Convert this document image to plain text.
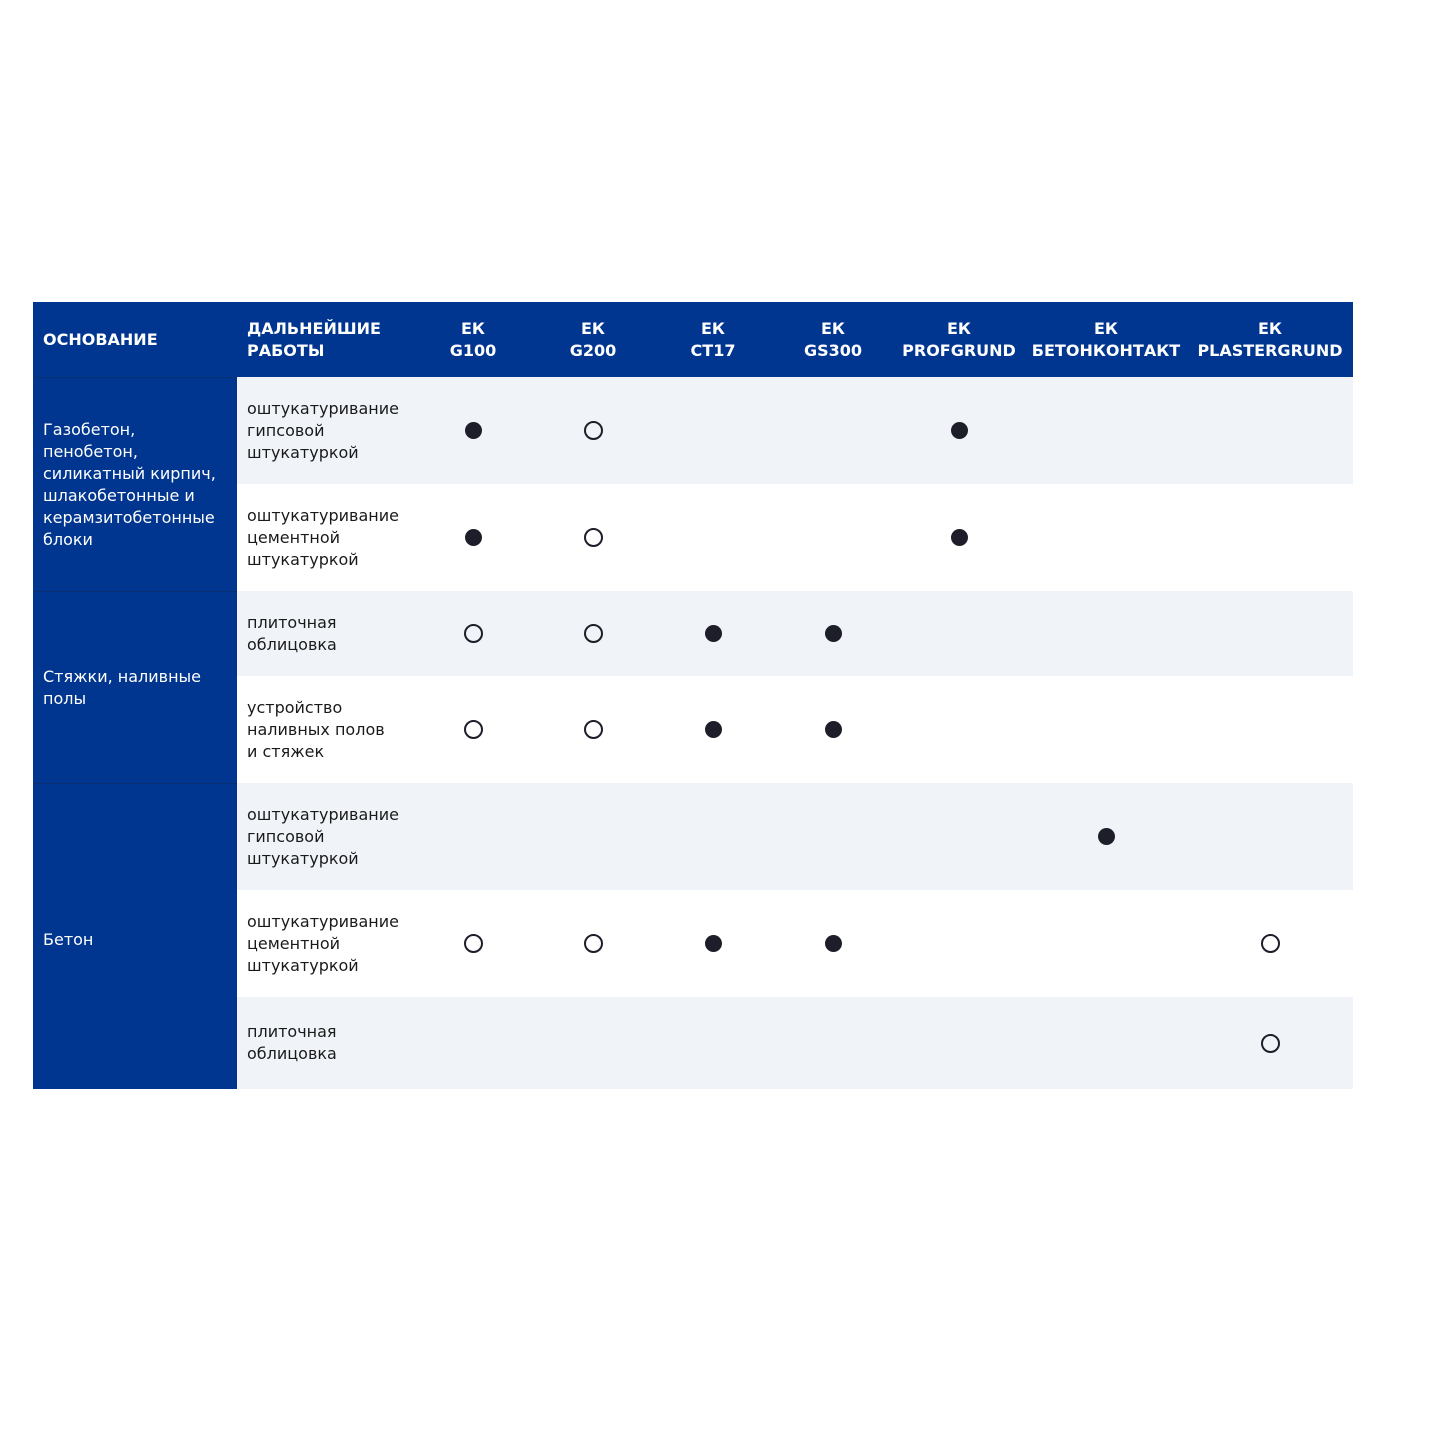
ОСНОВАНИЕ
ДАЛЬНЕЙШИЕ
РАБОТЫ
ЕК
G100
ЕК
G200
ЕК
CT17
ЕК
GS300
ЕК
PROFGRUND
ЕК
БЕТОНКОНТАКТ
ЕК
PLASTERGRUND
Газобетон,
пенобетон,
силикатный кирпич,
шлакобетонные и
керамзитобетонные
блоки
Стяжки, наливные
полы
Бетон
оштукатуривание
гипсовой
штукатуркой
оштукатуривание
цементной
штукатуркой
плиточная
облицовка
устройство
наливных полов
и стяжек
оштукатуривание
гипсовой
штукатуркой
оштукатуривание
цементной
штукатуркой
плиточная
облицовка
